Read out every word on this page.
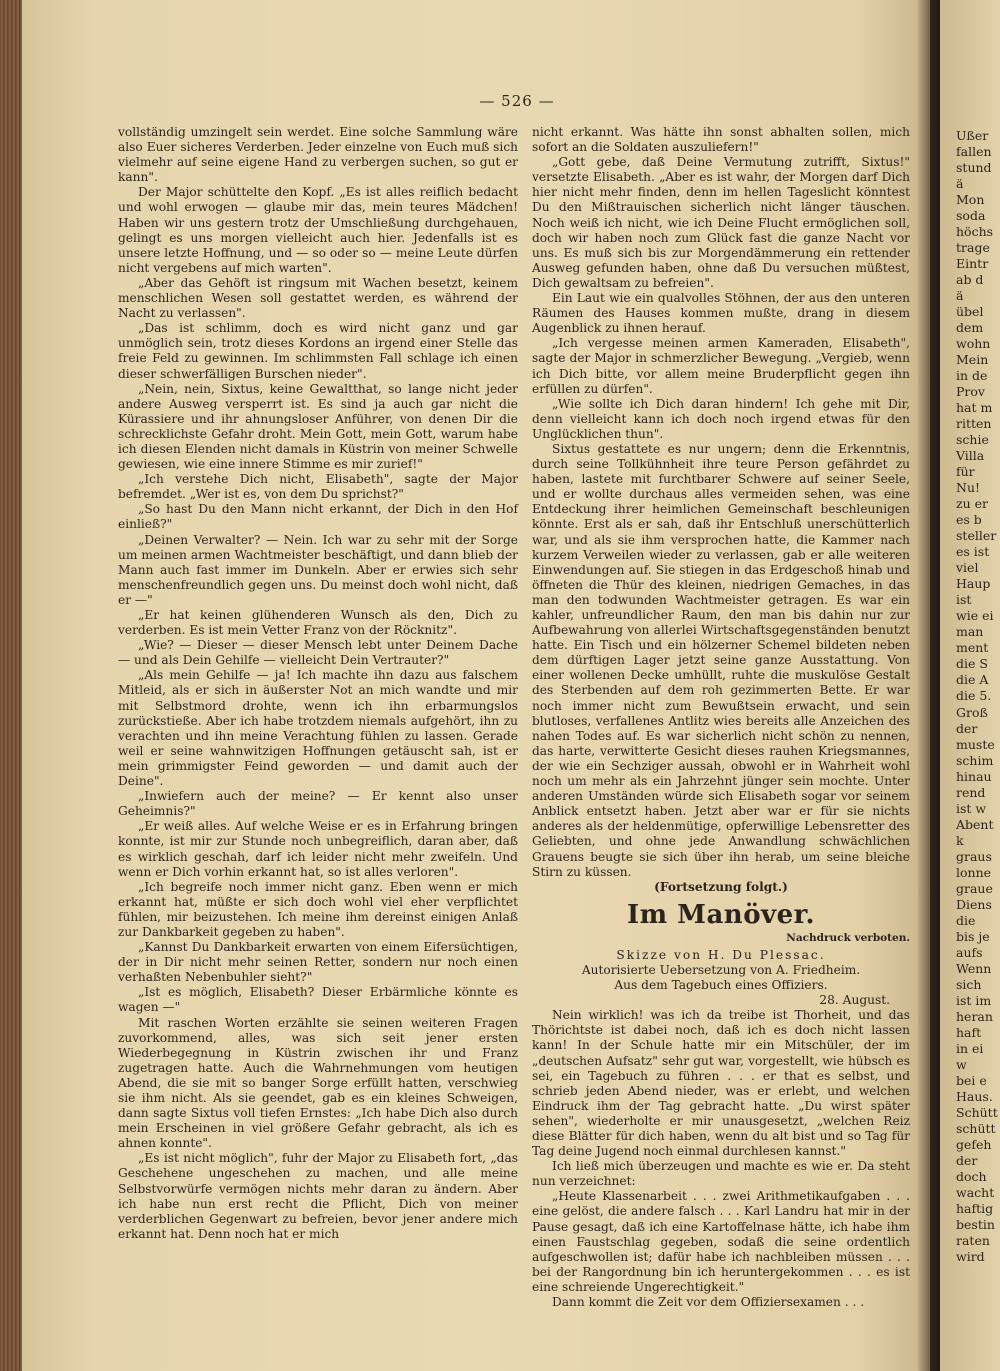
— 526 —

vollständig umzingelt sein werdet. Eine solche Sammlung wäre also Euer sicheres Verderben. Jeder einzelne von Euch muß sich vielmehr auf seine eigene Hand zu verbergen suchen, so gut er kann".

Der Major schüttelte den Kopf. „Es ist alles reiflich bedacht und wohl erwogen — glaube mir das, mein teures Mädchen! Haben wir uns gestern trotz der Umschließung durchgehauen, gelingt es uns morgen vielleicht auch hier. Jedenfalls ist es unsere letzte Hoffnung, und — so oder so — meine Leute dürfen nicht vergebens auf mich warten".

„Aber das Gehöft ist ringsum mit Wachen besetzt, keinem menschlichen Wesen soll gestattet werden, es während der Nacht zu verlassen".

„Das ist schlimm, doch es wird nicht ganz und gar unmöglich sein, trotz dieses Kordons an irgend einer Stelle das freie Feld zu gewinnen. Im schlimmsten Fall schlage ich einen dieser schwerfälligen Burschen nieder".

„Nein, nein, Sixtus, keine Gewaltthat, so lange nicht jeder andere Ausweg versperrt ist. Es sind ja auch gar nicht die Kürassiere und ihr ahnungsloser Anführer, von denen Dir die schrecklichste Gefahr droht. Mein Gott, mein Gott, warum habe ich diesen Elenden nicht damals in Küstrin von meiner Schwelle gewiesen, wie eine innere Stimme es mir zurief!"

„Ich verstehe Dich nicht, Elisabeth", sagte der Major befremdet. „Wer ist es, von dem Du sprichst?"

„So hast Du den Mann nicht erkannt, der Dich in den Hof einließ?"

„Deinen Verwalter? — Nein. Ich war zu sehr mit der Sorge um meinen armen Wachtmeister beschäftigt, und dann blieb der Mann auch fast immer im Dunkeln. Aber er erwies sich sehr menschenfreundlich gegen uns. Du meinst doch wohl nicht, daß er —"

„Er hat keinen glühenderen Wunsch als den, Dich zu verderben. Es ist mein Vetter Franz von der Röcknitz".

„Wie? — Dieser — dieser Mensch lebt unter Deinem Dache — und als Dein Gehilfe — vielleicht Dein Vertrauter?"

„Als mein Gehilfe — ja! Ich machte ihn dazu aus falschem Mitleid, als er sich in äußerster Not an mich wandte und mir mit Selbstmord drohte, wenn ich ihn erbarmungslos zurückstieße. Aber ich habe trotzdem niemals aufgehört, ihn zu verachten und ihn meine Verachtung fühlen zu lassen. Gerade weil er seine wahnwitzigen Hoffnungen getäuscht sah, ist er mein grimmigster Feind geworden — und damit auch der Deine".

„Inwiefern auch der meine? — Er kennt also unser Geheimnis?"

„Er weiß alles. Auf welche Weise er es in Erfahrung bringen konnte, ist mir zur Stunde noch unbegreiflich, daran aber, daß es wirklich geschah, darf ich leider nicht mehr zweifeln. Und wenn er Dich vorhin erkannt hat, so ist alles verloren".

„Ich begreife noch immer nicht ganz. Eben wenn er mich erkannt hat, müßte er sich doch wohl viel eher verpflichtet fühlen, mir beizustehen. Ich meine ihm dereinst einigen Anlaß zur Dankbarkeit gegeben zu haben".

„Kannst Du Dankbarkeit erwarten von einem Eifersüchtigen, der in Dir nicht mehr seinen Retter, sondern nur noch einen verhaßten Nebenbuhler sieht?"

„Ist es möglich, Elisabeth? Dieser Erbärmliche könnte es wagen —"

Mit raschen Worten erzählte sie seinen weiteren Fragen zuvorkommend, alles, was sich seit jener ersten Wiederbegegnung in Küstrin zwischen ihr und Franz zugetragen hatte. Auch die Wahrnehmungen vom heutigen Abend, die sie mit so banger Sorge erfüllt hatten, verschwieg sie ihm nicht. Als sie geendet, gab es ein kleines Schweigen, dann sagte Sixtus voll tiefen Ernstes: „Ich habe Dich also durch mein Erscheinen in viel größere Gefahr gebracht, als ich es ahnen konnte".

„Es ist nicht möglich", fuhr der Major zu Elisabeth fort, „das Geschehene ungeschehen zu machen, und alle meine Selbstvorwürfe vermögen nichts mehr daran zu ändern. Aber ich habe nun erst recht die Pflicht, Dich von meiner verderblichen Gegenwart zu befreien, bevor jener andere mich erkannt hat. Denn noch hat er mich

nicht erkannt. Was hätte ihn sonst abhalten sollen, mich sofort an die Soldaten auszuliefern!"

„Gott gebe, daß Deine Vermutung zutrifft, Sixtus!" versetzte Elisabeth. „Aber es ist wahr, der Morgen darf Dich hier nicht mehr finden, denn im hellen Tageslicht könntest Du den Mißtrauischen sicherlich nicht länger täuschen. Noch weiß ich nicht, wie ich Deine Flucht ermöglichen soll, doch wir haben noch zum Glück fast die ganze Nacht vor uns. Es muß sich bis zur Morgendämmerung ein rettender Ausweg gefunden haben, ohne daß Du versuchen müßtest, Dich gewaltsam zu befreien".

Ein Laut wie ein qualvolles Stöhnen, der aus den unteren Räumen des Hauses kommen mußte, drang in diesem Augenblick zu ihnen herauf.

„Ich vergesse meinen armen Kameraden, Elisabeth", sagte der Major in schmerzlicher Bewegung. „Vergieb, wenn ich Dich bitte, vor allem meine Bruderpflicht gegen ihn erfüllen zu dürfen".

„Wie sollte ich Dich daran hindern! Ich gehe mit Dir, denn vielleicht kann ich doch noch irgend etwas für den Unglücklichen thun".

Sixtus gestattete es nur ungern; denn die Erkenntnis, durch seine Tollkühnheit ihre teure Person gefährdet zu haben, lastete mit furchtbarer Schwere auf seiner Seele, und er wollte durchaus alles vermeiden sehen, was eine Entdeckung ihrer heimlichen Gemeinschaft beschleunigen könnte. Erst als er sah, daß ihr Entschluß unerschütterlich war, und als sie ihm versprochen hatte, die Kammer nach kurzem Verweilen wieder zu verlassen, gab er alle weiteren Einwendungen auf. Sie stiegen in das Erdgeschoß hinab und öffneten die Thür des kleinen, niedrigen Gemaches, in das man den todwunden Wachtmeister getragen. Es war ein kahler, unfreundlicher Raum, den man bis dahin nur zur Aufbewahrung von allerlei Wirtschaftsgegenständen benutzt hatte. Ein Tisch und ein hölzerner Schemel bildeten neben dem dürftigen Lager jetzt seine ganze Ausstattung. Von einer wollenen Decke umhüllt, ruhte die muskulöse Gestalt des Sterbenden auf dem roh gezimmerten Bette. Er war noch immer nicht zum Bewußtsein erwacht, und sein blutloses, verfallenes Antlitz wies bereits alle Anzeichen des nahen Todes auf. Es war sicherlich nicht schön zu nennen, das harte, verwitterte Gesicht dieses rauhen Kriegsmannes, der wie ein Sechziger aussah, obwohl er in Wahrheit wohl noch um mehr als ein Jahrzehnt jünger sein mochte. Unter anderen Umständen würde sich Elisabeth sogar vor seinem Anblick entsetzt haben. Jetzt aber war er für sie nichts anderes als der heldenmütige, opferwillige Lebensretter des Geliebten, und ohne jede Anwandlung schwächlichen Grauens beugte sie sich über ihn herab, um seine bleiche Stirn zu küssen.

(Fortsetzung folgt.)

Im Manöver.
Nachdruck verboten.

Skizze von H. Du Plessac.

Autorisierte Uebersetzung von A. Friedheim.

Aus dem Tagebuch eines Offiziers.

28. August.

Nein wirklich! was ich da treibe ist Thorheit, und das Thörichtste ist dabei noch, daß ich es doch nicht lassen kann! In der Schule hatte mir ein Mitschüler, der im „deutschen Aufsatz" sehr gut war, vorgestellt, wie hübsch es sei, ein Tagebuch zu führen . . . er that es selbst, und schrieb jeden Abend nieder, was er erlebt, und welchen Eindruck ihm der Tag gebracht hatte. „Du wirst später sehen", wiederholte er mir unausgesetzt, „welchen Reiz diese Blätter für dich haben, wenn du alt bist und so Tag für Tag deine Jugend noch einmal durchlesen kannst."

Ich ließ mich überzeugen und machte es wie er. Da steht nun verzeichnet:

„Heute Klassenarbeit . . . zwei Arithmetikaufgaben . . . eine gelöst, die andere falsch . . . Karl Landru hat mir in der Pause gesagt, daß ich eine Kartoffelnase hätte, ich habe ihm einen Faustschlag gegeben, sodaß die seine ordentlich aufgeschwollen ist; dafür habe ich nachbleiben müssen . . . bei der Rangordnung bin ich heruntergekommen . . . es ist eine schreiende Ungerechtigkeit."

Dann kommt die Zeit vor dem Offiziersexamen . . .

Ußer
fallen
stund
ä
Mon
soda
höchs
trage
Eintr
ab d
ä
übel
dem
wohn
Mein
in de
Prov
hat m
ritten
schie
Villa
für
Nu!
zu er
es b
steller
es ist
viel
Haup
ist
wie ei
man
ment
die S
die A
die 5.
Groß
der
muste
schim
hinau
rend
ist w
Abent
k
graus
lonne
graue
Diens
die
bis je
aufs
Wenn
sich
ist im
heran
haft
in ei
w
bei e
Haus.
Schütt
schütt
gefeh
der
doch
wacht
haftig
bestin
raten
wird
